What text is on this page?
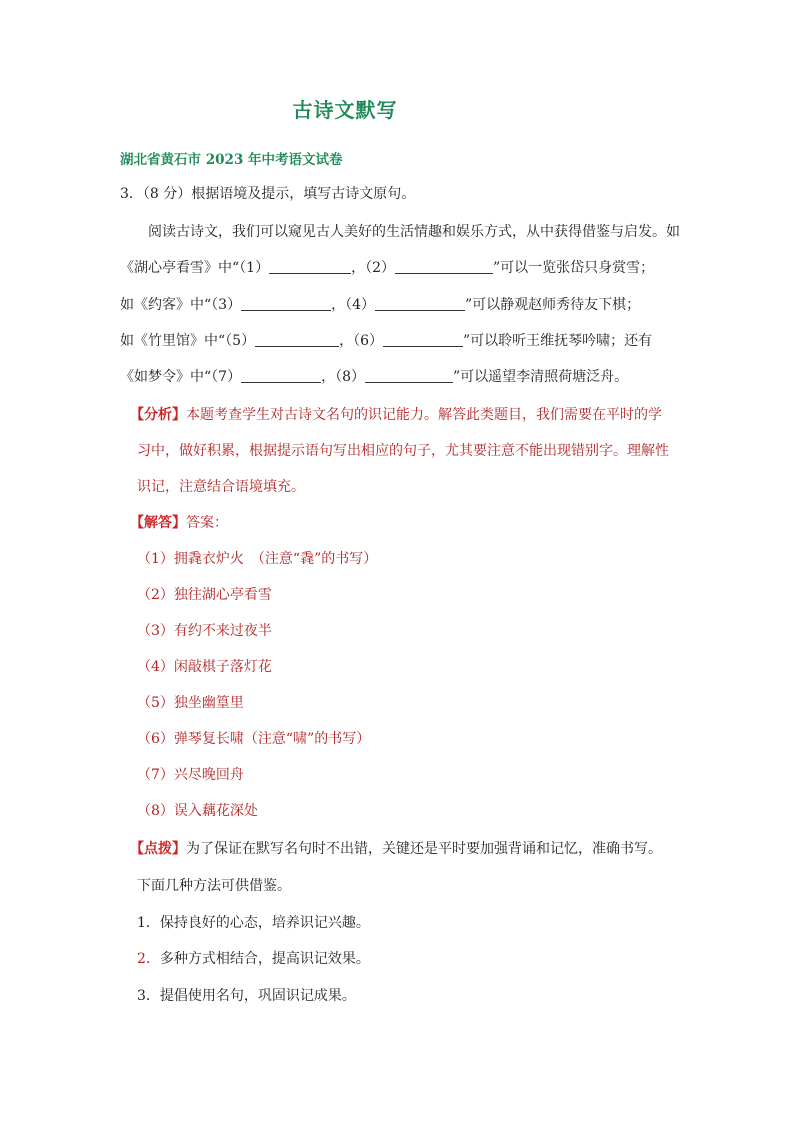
古诗文默写
湖北省黄石市 2023 年中考语文试卷
3．（8 分）根据语境及提示，填写古诗文原句。
阅读古诗文，我们可以窥见古人美好的生活情趣和娱乐方式，从中获得借鉴与启发。如
《湖心亭看雪》中“（1）	，（2）	”可以一览张岱只身赏雪；
如《约客》中“（3）	，（4）	”可以静观赵师秀待友下棋；
如《竹里馆》中“（5）	，（6）	”可以聆听王维抚琴吟啸；还有
《如梦令》中“（7）	，（8）	”可以遥望李清照荷塘泛舟。
【分析】本题考查学生对古诗文名句的识记能力。解答此类题目，我们需要在平时的学
习中，做好积累，根据提示语句写出相应的句子，尤其要注意不能出现错别字。理解性
识记，注意结合语境填充。
【解答】答案：
（1）拥毳衣炉火　（注意“毳”的书写）
（2）独往湖心亭看雪
（3）有约不来过夜半
（4）闲敲棋子落灯花
（5）独坐幽篁里
（6）弹琴复长啸（注意“啸”的书写）
（7）兴尽晚回舟
（8）误入藕花深处
【点拨】为了保证在默写名句时不出错，关键还是平时要加强背诵和记忆，准确书写。
下面几种方法可供借鉴。
1．保持良好的心态，培养识记兴趣。
2．多种方式相结合，提高识记效果。
3．提倡使用名句，巩固识记成果。
